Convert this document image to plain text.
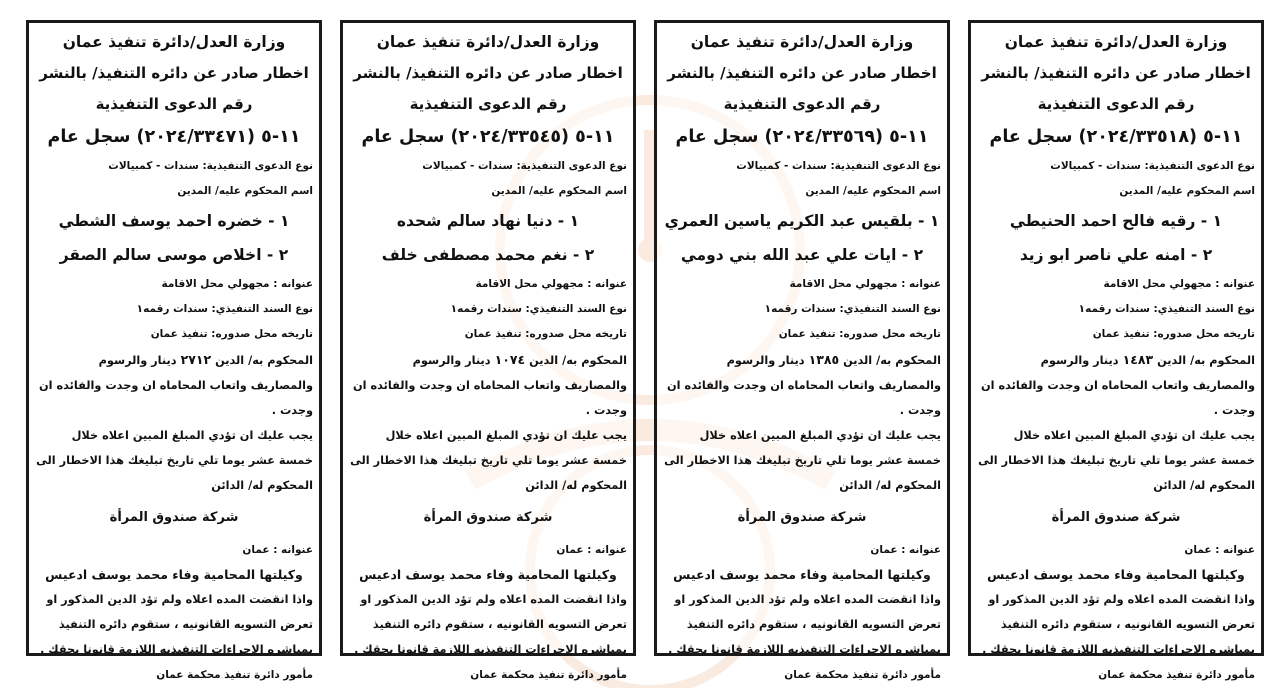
وزارة العدل/دائرة تنفيذ عمان
اخطار صادر عن دائره التنفيذ/ بالنشر
رقم الدعوى التنفيذية
١١-٥ (٢٠٢٤/٣٣٥١٨) سجل عام
نوع الدعوى التنفيذية: سندات - كمبيالات
اسم المحكوم عليه/ المدين
١ - رقيه فالح احمد الحنيطي
٢ - امنه علي ناصر ابو زيد
عنوانه : مجهولي محل الاقامة
نوع السند التنفيذي: سندات رقمه١
تاريخه محل صدوره: تنفيذ عمان
المحكوم به/ الدين١٤٨٣دينار والرسوم والمصاريف واتعاب المحاماه ان وجدت والفائده ان وجدت .
يجب عليك ان تؤدي المبلغ المبين اعلاه خلال خمسة عشر يوما تلي تاريخ تبليغك هذا الاخطار الى المحكوم له/ الدائن
شركة صندوق المرأة
عنوانه : عمان
وكيلتها المحامية وفاء محمد يوسف ادعيس
واذا انقضت المده اعلاه ولم تؤد الدين المذكور او تعرض التسويه القانونيه ، ستقوم دائره التنفيذ بمباشره الاجراءات التنفيذيه اللازمة قانونا بحقك .
مأمور دائرة تنفيذ محكمة عمان
وزارة العدل/دائرة تنفيذ عمان
اخطار صادر عن دائره التنفيذ/ بالنشر
رقم الدعوى التنفيذية
١١-٥ (٢٠٢٤/٣٣٥٦٩) سجل عام
نوع الدعوى التنفيذية: سندات - كمبيالات
اسم المحكوم عليه/ المدين
١ - بلقيس عبد الكريم ياسين العمري
٢ - ايات علي عبد الله بني دومي
عنوانه : مجهولي محل الاقامة
نوع السند التنفيذي: سندات رقمه١
تاريخه محل صدوره: تنفيذ عمان
المحكوم به/ الدين١٣٨٥دينار والرسوم والمصاريف واتعاب المحاماه ان وجدت والفائده ان وجدت .
يجب عليك ان تؤدي المبلغ المبين اعلاه خلال خمسة عشر يوما تلي تاريخ تبليغك هذا الاخطار الى المحكوم له/ الدائن
شركة صندوق المرأة
عنوانه : عمان
وكيلتها المحامية وفاء محمد يوسف ادعيس
واذا انقضت المده اعلاه ولم تؤد الدين المذكور او تعرض التسويه القانونيه ، ستقوم دائره التنفيذ بمباشره الاجراءات التنفيذيه اللازمة قانونا بحقك .
مأمور دائرة تنفيذ محكمة عمان
وزارة العدل/دائرة تنفيذ عمان
اخطار صادر عن دائره التنفيذ/ بالنشر
رقم الدعوى التنفيذية
١١-٥ (٢٠٢٤/٣٣٥٤٥) سجل عام
نوع الدعوى التنفيذية: سندات - كمبيالات
اسم المحكوم عليه/ المدين
١ - دنيا نهاد سالم شحده
٢ - نغم محمد مصطفى خلف
عنوانه : مجهولي محل الاقامة
نوع السند التنفيذي: سندات رقمه١
تاريخه محل صدوره: تنفيذ عمان
المحكوم به/ الدين١٠٧٤دينار والرسوم والمصاريف واتعاب المحاماه ان وجدت والفائده ان وجدت .
يجب عليك ان تؤدي المبلغ المبين اعلاه خلال خمسة عشر يوما تلي تاريخ تبليغك هذا الاخطار الى المحكوم له/ الدائن
شركة صندوق المرأة
عنوانه : عمان
وكيلتها المحامية وفاء محمد يوسف ادعيس
واذا انقضت المده اعلاه ولم تؤد الدين المذكور او تعرض التسويه القانونيه ، ستقوم دائره التنفيذ بمباشره الاجراءات التنفيذيه اللازمة قانونا بحقك .
مأمور دائرة تنفيذ محكمة عمان
وزارة العدل/دائرة تنفيذ عمان
اخطار صادر عن دائره التنفيذ/ بالنشر
رقم الدعوى التنفيذية
١١-٥ (٢٠٢٤/٣٣٤٧١) سجل عام
نوع الدعوى التنفيذية: سندات - كمبيالات
اسم المحكوم عليه/ المدين
١ - خضره احمد يوسف الشطي
٢ - اخلاص موسى سالم الصقر
عنوانه : مجهولي محل الاقامة
نوع السند التنفيذي: سندات رقمه١
تاريخه محل صدوره: تنفيذ عمان
المحكوم به/ الدين٢٧١٢دينار والرسوم والمصاريف واتعاب المحاماه ان وجدت والفائده ان وجدت .
يجب عليك ان تؤدي المبلغ المبين اعلاه خلال خمسة عشر يوما تلي تاريخ تبليغك هذا الاخطار الى المحكوم له/ الدائن
شركة صندوق المرأة
عنوانه : عمان
وكيلتها المحامية وفاء محمد يوسف ادعيس
واذا انقضت المده اعلاه ولم تؤد الدين المذكور او تعرض التسويه القانونيه ، ستقوم دائره التنفيذ بمباشره الاجراءات التنفيذيه اللازمة قانونا بحقك .
مأمور دائرة تنفيذ محكمة عمان
